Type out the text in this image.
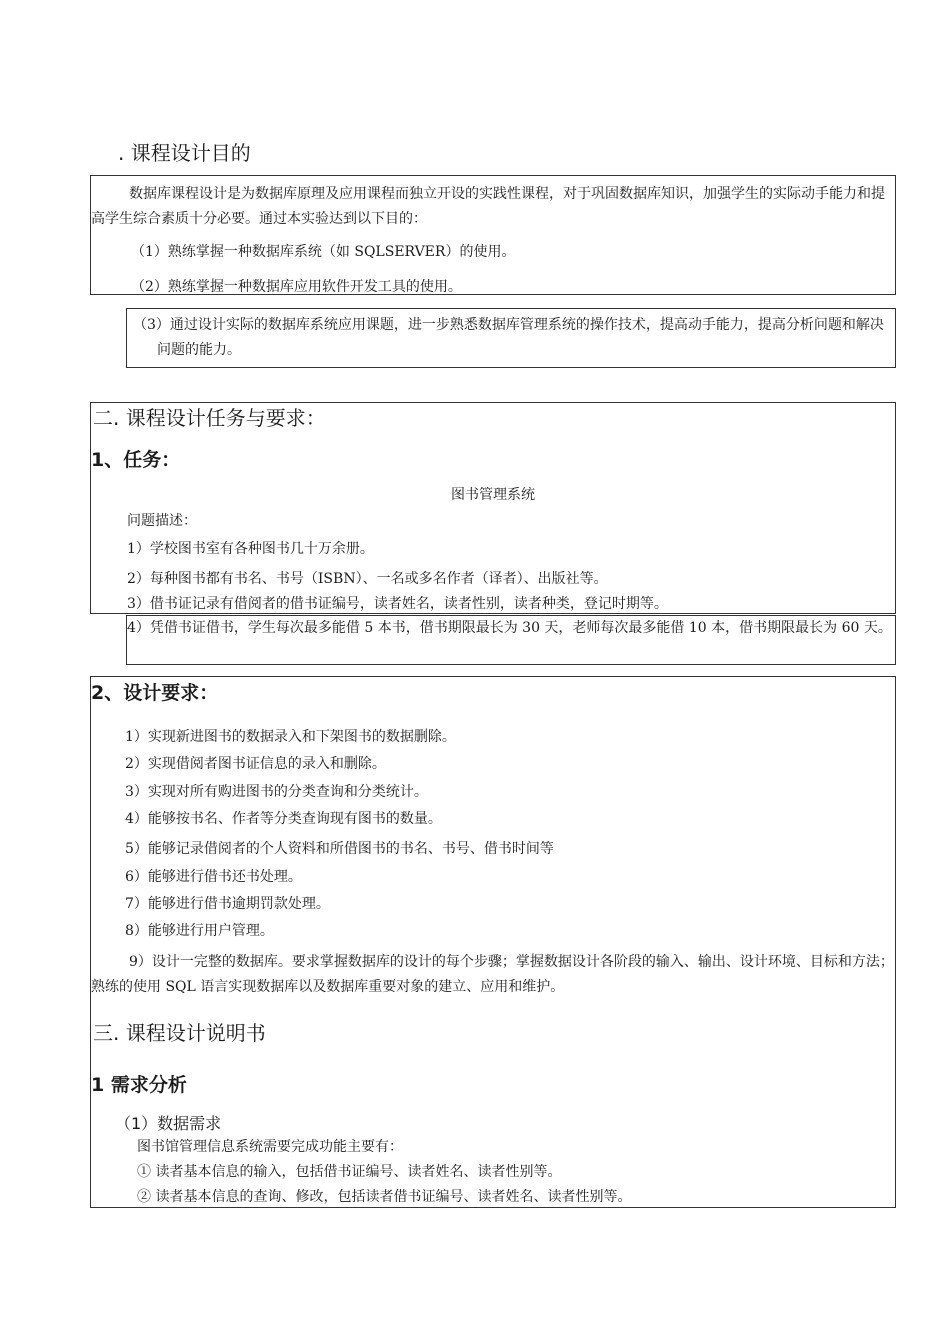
. 课程设计目的
数据库课程设计是为数据库原理及应用课程而独立开设的实践性课程，对于巩固数据库知识，加强学生的实际动手能力和提高学生综合素质十分必要。通过本实验达到以下目的：
（1）熟练掌握一种数据库系统（如 SQLSERVER）的使用。
（2）熟练掌握一种数据库应用软件开发工具的使用。
（3）通过设计实际的数据库系统应用课题，进一步熟悉数据库管理系统的操作技术，提高动手能力，提高分析问题和解决问题的能力。
二. 课程设计任务与要求：
1、任务：
图书管理系统
问题描述：
1）学校图书室有各种图书几十万余册。
2）每种图书都有书名、书号（ISBN）、一名或多名作者（译者）、出版社等。
3）借书证记录有借阅者的借书证编号，读者姓名，读者性别，读者种类，登记时期等。
4）凭借书证借书，学生每次最多能借 5 本书，借书期限最长为 30 天，老师每次最多能借 10 本，借书期限最长为 60 天。
2、设计要求：
1）实现新进图书的数据录入和下架图书的数据删除。
2）实现借阅者图书证信息的录入和删除。
3）实现对所有购进图书的分类查询和分类统计。
4）能够按书名、作者等分类查询现有图书的数量。
5）能够记录借阅者的个人资料和所借图书的书名、书号、借书时间等
6）能够进行借书还书处理。
7）能够进行借书逾期罚款处理。
8）能够进行用户管理。
9）设计一完整的数据库。要求掌握数据库的设计的每个步骤；掌握数据设计各阶段的输入、输出、设计环境、目标和方法；熟练的使用 SQL 语言实现数据库以及数据库重要对象的建立、应用和维护。
三. 课程设计说明书
1 需求分析
（1）数据需求
图书馆管理信息系统需要完成功能主要有：
① 读者基本信息的输入，包括借书证编号、读者姓名、读者性别等。
② 读者基本信息的查询、修改，包括读者借书证编号、读者姓名、读者性别等。
